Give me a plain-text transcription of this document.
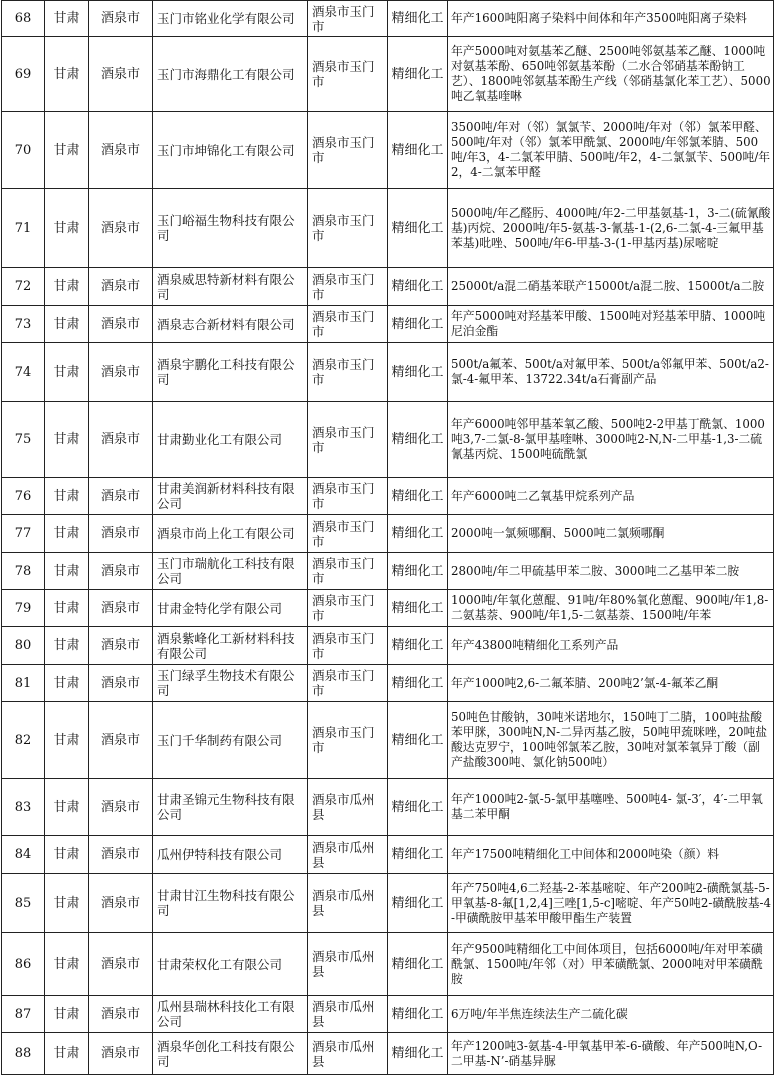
68	甘肃	酒泉市	玉门市铭业化学有限公司	酒泉市玉门市	精细化工	年产1600吨阳离子染料中间体和年产3500吨阳离子染料
69	甘肃	酒泉市	玉门市海鼎化工有限公司	酒泉市玉门市	精细化工	年产5000吨对氨基苯乙醚、2500吨邻氨基苯乙醚、1000吨对氨基苯酚、650吨邻氨基苯酚（二水合邻硝基苯酚钠工艺）、1800吨邻氨基苯酚生产线（邻硝基氯化苯工艺）、5000吨乙氧基喹啉
70	甘肃	酒泉市	玉门市坤锦化工有限公司	酒泉市玉门市	精细化工	3500吨/年对（邻）氯氯苄、2000吨/年对（邻）氯苯甲醛、500吨/年对（邻）氯苯甲酰氯、2000吨/年邻氯苯腈、500吨/年3，4-二氯苯甲腈、500吨/年2，4-二氯氯苄、500吨/年2，4-二氯苯甲醛
71	甘肃	酒泉市	玉门峪福生物科技有限公司	酒泉市玉门市	精细化工	5000吨/年乙醛肟、4000吨/年2-二甲基氨基-1，3-二(硫氰酸基)丙烷、2000吨/年5-氨基-3-氰基-1-(2,6-二氯-4-三氟甲基苯基)吡唑、500吨/年6-甲基-3-(1-甲基丙基)尿嘧啶
72	甘肃	酒泉市	酒泉威思特新材料有限公司	酒泉市玉门市	精细化工	25000t/a混二硝基苯联产15000t/a混二胺、15000t/a二胺
73	甘肃	酒泉市	酒泉志合新材料有限公司	酒泉市玉门市	精细化工	年产5000吨对羟基苯甲酸、1500吨对羟基苯甲腈、1000吨尼泊金酯
74	甘肃	酒泉市	酒泉宇鹏化工科技有限公司	酒泉市玉门市	精细化工	500t/a氟苯、500t/a对氟甲苯、500t/a邻氟甲苯、500t/a2-氯-4-氟甲苯、13722.34t/a石膏副产品
75	甘肃	酒泉市	甘肃勤业化工有限公司	酒泉市玉门市	精细化工	年产6000吨邻甲基苯氧乙酸、500吨2-2甲基丁酰氯、1000吨3,7-二氯-8-氯甲基喹啉、3000吨2-N,N-二甲基-1,3-二硫氰基丙烷、1500吨硫酰氯
76	甘肃	酒泉市	甘肃美润新材料科技有限公司	酒泉市玉门市	精细化工	年产6000吨二乙氧基甲烷系列产品
77	甘肃	酒泉市	酒泉市尚上化工有限公司	酒泉市玉门市	精细化工	2000吨一氯频哪酮、5000吨二氯频哪酮
78	甘肃	酒泉市	玉门市瑞航化工科技有限公司	酒泉市玉门市	精细化工	2800吨/年二甲硫基甲苯二胺、3000吨二乙基甲苯二胺
79	甘肃	酒泉市	甘肃金特化学有限公司	酒泉市玉门市	精细化工	1000吨/年氧化蒽醌、91吨/年80%氧化蒽醌、900吨/年1,8-二氨基萘、900吨/年1,5-二氨基萘、1500吨/年苯
80	甘肃	酒泉市	酒泉紫峰化工新材料科技有限公司	酒泉市玉门市	精细化工	年产43800吨精细化工系列产品
81	甘肃	酒泉市	玉门绿孚生物技术有限公司	酒泉市玉门市	精细化工	年产1000吨2,6-二氟苯腈、200吨2’氯-4-氟苯乙酮
82	甘肃	酒泉市	玉门千华制药有限公司	酒泉市玉门市	精细化工	50吨色甘酸钠，30吨米诺地尔，150吨丁二腈，100吨盐酸苯甲脒，300吨N,N-二异丙基乙胺，50吨甲巯咪唑，20吨盐酸达克罗宁，100吨邻氯苯乙胺，30吨对氯苯氧异丁酸（副产盐酸300吨、氯化钠500吨）
83	甘肃	酒泉市	甘肃圣锦元生物科技有限公司	酒泉市瓜州县	精细化工	年产1000吨2-氯-5-氯甲基噻唑、500吨4- 氯-3′，4′-二甲氧基二苯甲酮
84	甘肃	酒泉市	瓜州伊特科技有限公司	酒泉市瓜州县	精细化工	年产17500吨精细化工中间体和2000吨染（颜）料
85	甘肃	酒泉市	甘肃甘江生物科技有限公司	酒泉市瓜州县	精细化工	年产750吨4,6二羟基-2-苯基嘧啶、年产200吨2-磺酰氯基-5-甲氧基-8-氟[1,2,4]三唑[1,5-c]嘧啶、年产50吨2-磺酰胺基-4-甲磺酰胺甲基苯甲酸甲酯生产装置
86	甘肃	酒泉市	甘肃荣权化工有限公司	酒泉市瓜州县	精细化工	年产9500吨精细化工中间体项目，包括6000吨/年对甲苯磺酰氯、1500吨/年邻（对）甲苯磺酰氯、2000吨对甲苯磺酰胺
87	甘肃	酒泉市	瓜州县瑞林科技化工有限公司	酒泉市瓜州县	精细化工	6万吨/年半焦连续法生产二硫化碳
88	甘肃	酒泉市	酒泉华创化工科技有限公司	酒泉市瓜州县	精细化工	年产1200吨3-氨基-4-甲氧基甲苯-6-磺酸、年产500吨N,O-二甲基-N’-硝基异脲
